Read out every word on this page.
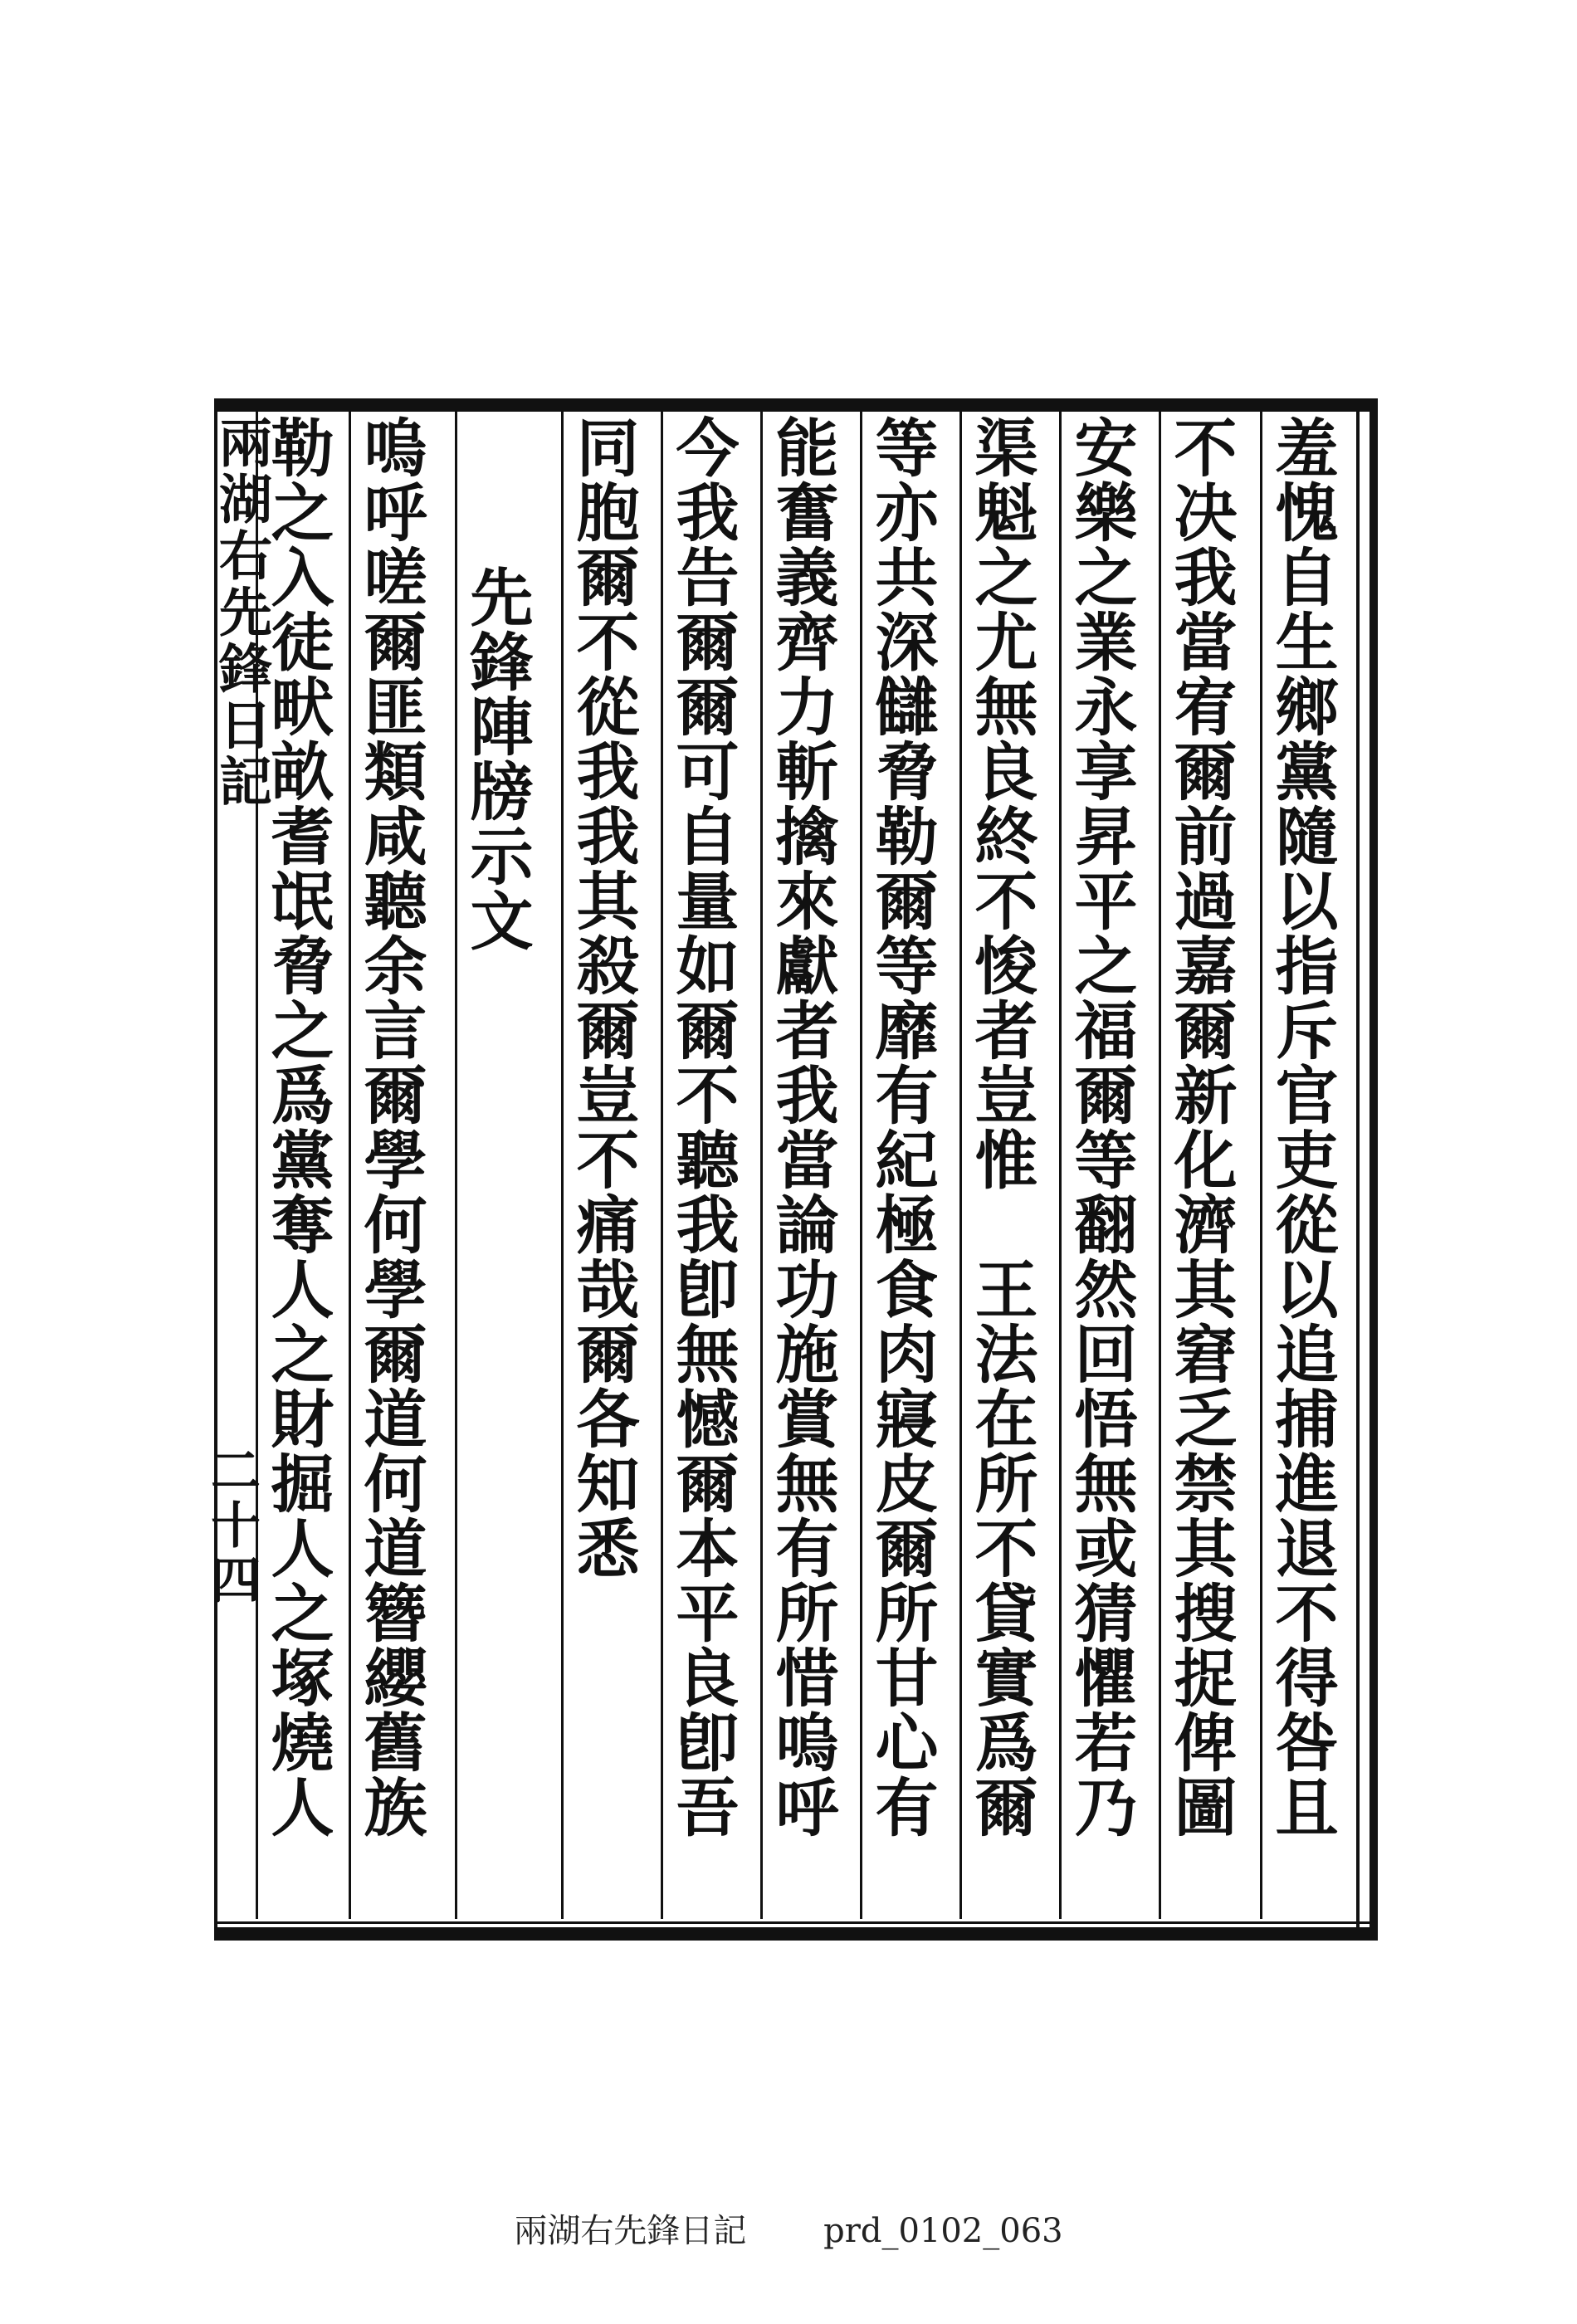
羞愧自生鄉黨隨以指斥官吏從以追捕進退不得咎且
不决我當宥爾前過嘉爾新化濟其窘乏禁其搜捉俾圖
安樂之業永享昇平之福爾等翻然回悟無或猜懼若乃
渠魁之尤無良終不悛者豈惟　王法在所不貸實爲爾
等亦共深讎脅勒爾等靡有紀極食肉寢皮爾所甘心有
能奮義齊力斬擒來獻者我當論功施賞無有所惜嗚呼
今我告爾爾可自量如爾不聽我卽無憾爾本平良卽吾
同胞爾不從我我其殺爾豈不痛哉爾各知悉
先鋒陣牓示文
嗚呼嗟爾匪類咸聽余言爾學何學爾道何道簪纓舊族
勒之入徒畎畝耆氓脅之爲黨奪人之財掘人之塚燒人
兩湖右先鋒日記
二十四
兩湖右先鋒日記 prd_0102_063
